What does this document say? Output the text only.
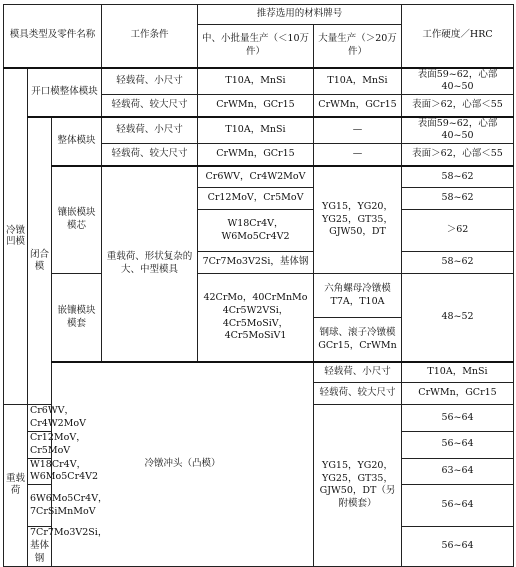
模具类型及零件名称			工作条件	推荐选用的材料牌号		工作硬度／HRC	
				中、小批量生产（＜10万件）	大量生产（＞20万件）		
冷镦凹模	开口模整体模块		轻载荷、小尺寸	T10A，MnSi	T10A，MnSi	表面59~62，心部40~50	
			轻载荷、较大尺寸	CrWMn，GCr15	CrWMn，GCr15	表面＞62，心部＜55	
	闭合模	整体模块	轻载荷、小尺寸	T10A，MnSi	—	表面59~62，心部40~50	
			轻载荷、较大尺寸	CrWMn，GCr15	—	表面＞62，心部＜55	
		镶嵌模块模芯	重载荷、形状复杂的大、中型模具	Cr6WV，Cr4W2MoV	YG15，YG20，YG25，GT35，GJW50，DT	58~62	
				Cr12MoV，Cr5MoV		58~62	
				W18Cr4V，W6Mo5Cr4V2		＞62	
				7Cr7Mo3V2Si，基体钢		58~62	
		嵌镶模块模套		42CrMo，40CrMnMo 4Cr5W2VSi，4Cr5MoSiV，4Cr5MoSiV1	六角螺母冷镦模T7A，T10A	48~52	
					钢球、滚子冷镦模GCr15，CrWMn		
		冷镦冲头（凸模）			轻载荷、小尺寸	T10A，MnSi		
					轻载荷、较大尺寸	CrWMn，GCr15	
重载荷	Cr6WV，Cr4W2MoV				YG15，YG20，YG25，GT35，GJW50，DT（另附模套）	56~64	
	Cr12MoV，Cr5MoV					56~64	
	W18Cr4V，W6Mo5Cr4V2					63~64	
	6W6Mo5Cr4V，7CrSiMnMoV					56~64	
	7Cr7Mo3V2Si，基体钢					56~64	
